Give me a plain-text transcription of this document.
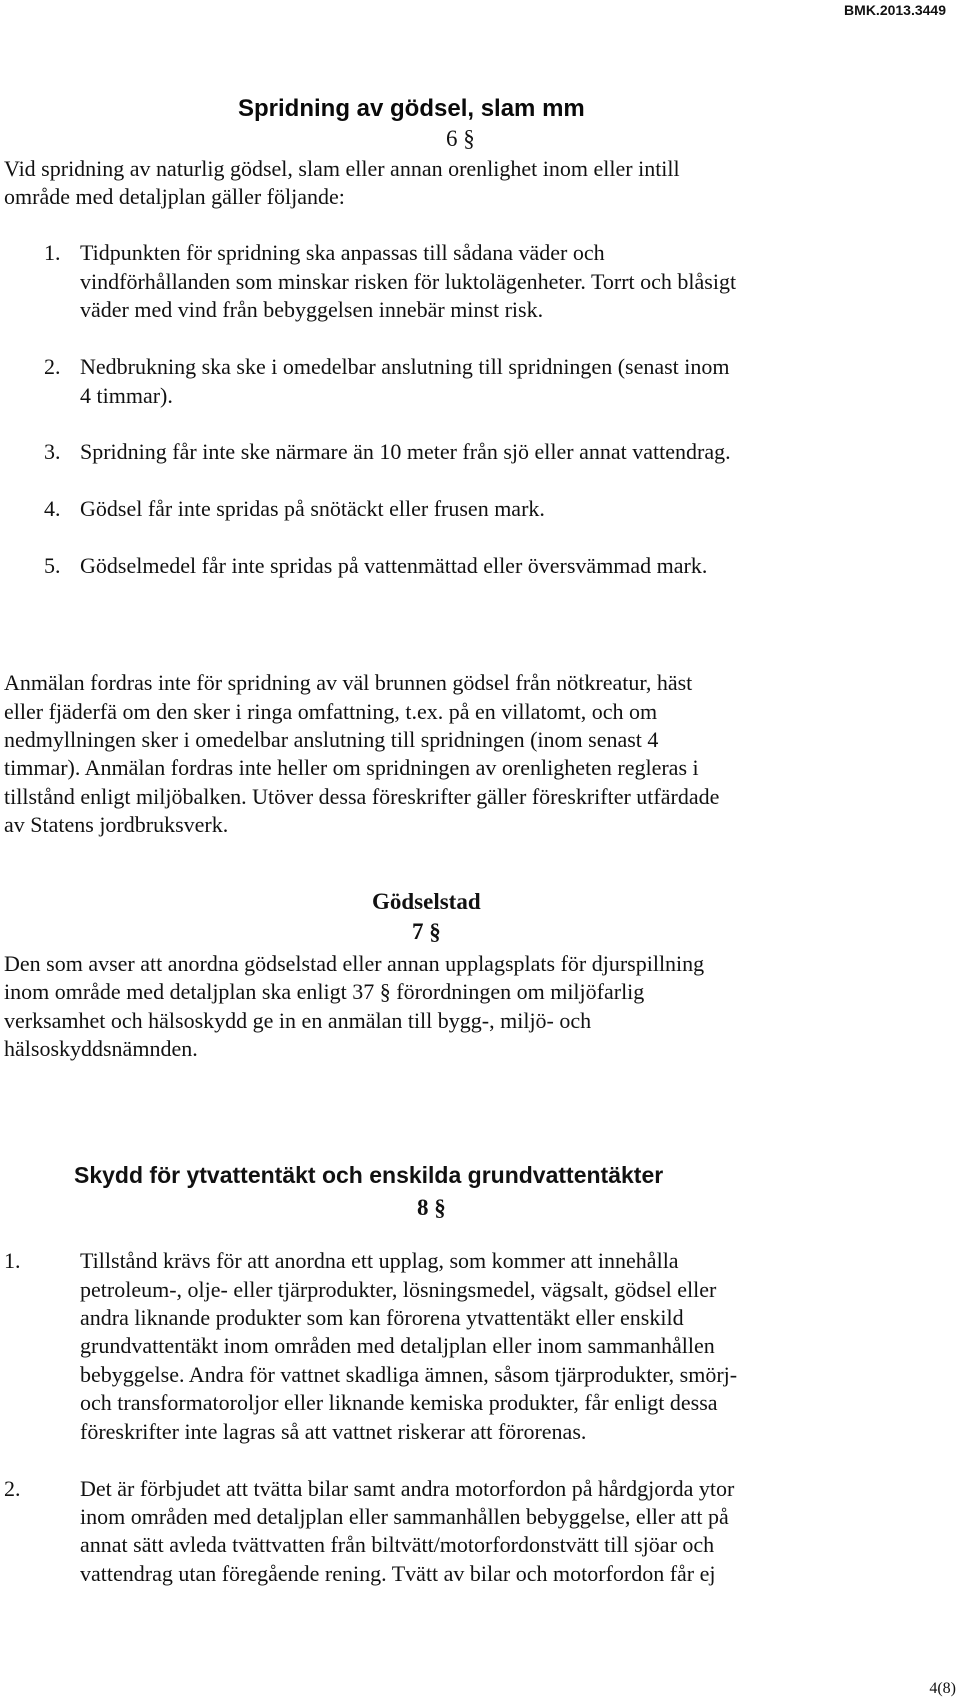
BMK.2013.3449
Spridning av gödsel, slam mm
6 §
Vid spridning av naturlig gödsel, slam eller annan orenlighet inom eller intill
område med detaljplan gäller följande:
1. Tidpunkten för spridning ska anpassas till sådana väder och
vindförhållanden som minskar risken för luktolägenheter. Torrt och blåsigt
väder med vind från bebyggelsen innebär minst risk.
2. Nedbrukning ska ske i omedelbar anslutning till spridningen (senast inom
4 timmar).
3. Spridning får inte ske närmare än 10 meter från sjö eller annat vattendrag.
4. Gödsel får inte spridas på snötäckt eller frusen mark.
5. Gödselmedel får inte spridas på vattenmättad eller översvämmad mark.
Anmälan fordras inte för spridning av väl brunnen gödsel från nötkreatur, häst
eller fjäderfä om den sker i ringa omfattning, t.ex. på en villatomt, och om
nedmyllningen sker i omedelbar anslutning till spridningen (inom senast 4
timmar). Anmälan fordras inte heller om spridningen av orenligheten regleras i
tillstånd enligt miljöbalken. Utöver dessa föreskrifter gäller föreskrifter utfärdade
av Statens jordbruksverk.
Gödselstad
7 §
Den som avser att anordna gödselstad eller annan upplagsplats för djurspillning
inom område med detaljplan ska enligt 37 § förordningen om miljöfarlig
verksamhet och hälsoskydd ge in en anmälan till bygg-, miljö- och
hälsoskyddsnämnden.
Skydd för ytvattentäkt och enskilda grundvattentäkter
8 §
1.	Tillstånd krävs för att anordna ett upplag, som kommer att innehålla
petroleum-, olje- eller tjärprodukter, lösningsmedel, vägsalt, gödsel eller
andra liknande produkter som kan förorena ytvattentäkt eller enskild
grundvattentäkt inom områden med detaljplan eller inom sammanhållen
bebyggelse. Andra för vattnet skadliga ämnen, såsom tjärprodukter, smörj-
och transformatoroljor eller liknande kemiska produkter, får enligt dessa
föreskrifter inte lagras så att vattnet riskerar att förorenas.
2.	Det är förbjudet att tvätta bilar samt andra motorfordon på hårdgjorda ytor
inom områden med detaljplan eller sammanhållen bebyggelse, eller att på
annat sätt avleda tvättvatten från biltvätt/motorfordonstvätt till sjöar och
vattendrag utan föregående rening. Tvätt av bilar och motorfordon får ej
4(8)
